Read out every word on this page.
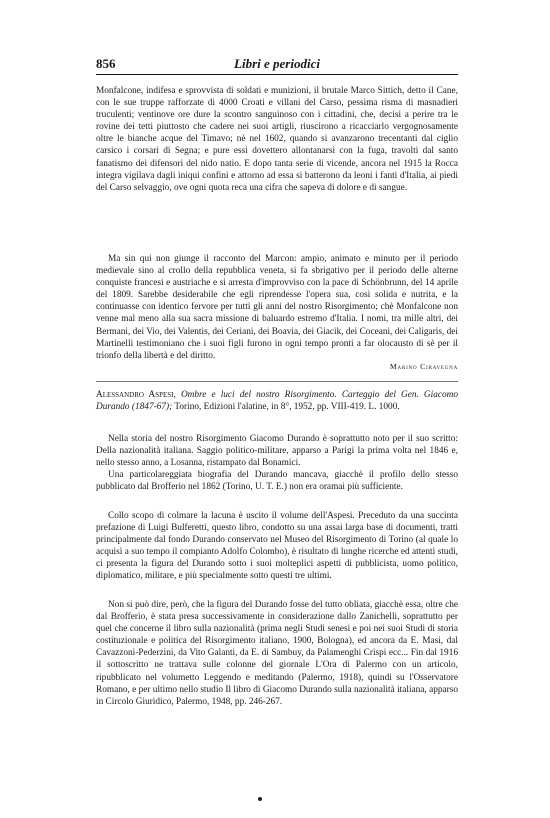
856	Libri e periodici

Monfalcone, indifesa e sprovvista di soldati e munizioni, il brutale Marco Sittich, detto il Cane, con le sue truppe rafforzate di 4000 Croati e villani del Carso, pessima risma di masnadieri truculenti; ventinove ore dure la scontro sanguinoso con i cittadini, che, decisi a perire tra le rovine dei tetti piuttosto che cadere nei suoi artigli, riuscirono a ricacciarlo vergognosamente oltre le bianche acque del Timavo; nè nel 1602, quando si avanzarono trecentanti dal ciglio carsico i corsari di Segna; e pure essi dovettero allontanarsi con la fuga, travolti dal santo fanatismo dei difensori del nido natio. E dopo tanta serie di vicende, ancora nel 1915 la Rocca integra vigilava dagli iniqui confini e attorno ad essa si batterono da leoni i fanti d'Italia, ai piedi del Carso selvaggio, ove ogni quota reca una cifra che sapeva di dolore e di sangue.

Ma sin qui non giunge il racconto del Marcon: ampio, animato e minuto per il periodo medievale sino al crollo della repubblica veneta, si fa sbrigativo per il periodo delle alterne conquiste francesi e austriache e si arresta d'improvviso con la pace di Schönbrunn, del 14 aprile del 1809. Sarebbe desiderabile che egli riprendesse l'opera sua, così solida e nutrita, e la continuasse con identico fervore per tutti gli anni del nostro Risorgimento; chè Monfalcone non venne mal meno alla sua sacra missione di baluardo estremo d'Italia. I nomi, tra mille altri, dei Bermani, dei Vio, dei Valentis, dei Ceriani, dei Boavia, dei Giacik, dei Coceani, dei Caligaris, dei Martinelli testimoniano che i suoi figli furono in ogni tempo pronti a far olocausto di sè per il trionfo della libertà e del diritto.

Marino Ciravegna

Alessandro Aspesi, Ombre e luci del nostro Risorgimento. Carteggio del Gen. Giacomo Durando (1847-67); Torino, Edizioni l'alatine, in 8°, 1952, pp. VIII-419. L. 1000.

Nella storia del nostro Risorgimento Giacomo Durando è soprattutto noto per il suo scritto: Della nazionalità italiana. Saggio politico-militare, apparso a Parigi la prima volta nel 1846 e, nello stesso anno, a Losanna, ristampato dal Bonamici.

Una particolareggiata biografia del Durando mancava, giacchè il profilo dello stesso pubblicato dal Brofferio nel 1862 (Torino, U. T. E.) non era oramai più sufficiente.

Collo scopo di colmare la lacuna è uscito il volume dell'Aspesi. Preceduto da una succinta prefazione di Luigi Bulferetti, questo libro, condotto su una assai larga base di documenti, tratti principalmente dal fondo Durando conservato nel Museo del Risorgimento di Torino (al quale lo acquisì a suo tempo il compianto Adolfo Colombo), è risultato di lunghe ricerche ed attenti studi, ci presenta la figura del Durando sotto i suoi molteplici aspetti di pubblicista, uomo politico, diplomatico, militare, e più specialmente sotto questi tre ultimi.

Non si può dire, però, che la figura del Durando fosse del tutto obliata, giacchè essa, oltre che dal Brofferio, è stata presa successivamente in considerazione dallo Zanichelli, soprattutto per quel che concerne il libro sulla nazionalità (prima negli Studi senesi e poi nei suoi Studi di storia costituzionale e politica del Risorgimento italiano, 1900, Bologna), ed ancora da E. Masi, dal Cavazzoni-Pederzini, da Vito Galanti, da E. di Sambuy, da Palamenghi Crispi ecc... Fin dal 1916 il sottoscritto ne trattava sulle colonne del giornale L'Ora di Palermo con un articolo, ripubblicato nel volumetto Leggendo e meditando (Palermo, 1918), quindi su l'Osservatore Romano, e per ultimo nello studio Il libro di Giacomo Durando sulla nazionalità italiana, apparso in Circolo Giuridico, Palermo, 1948, pp. 246-267.
